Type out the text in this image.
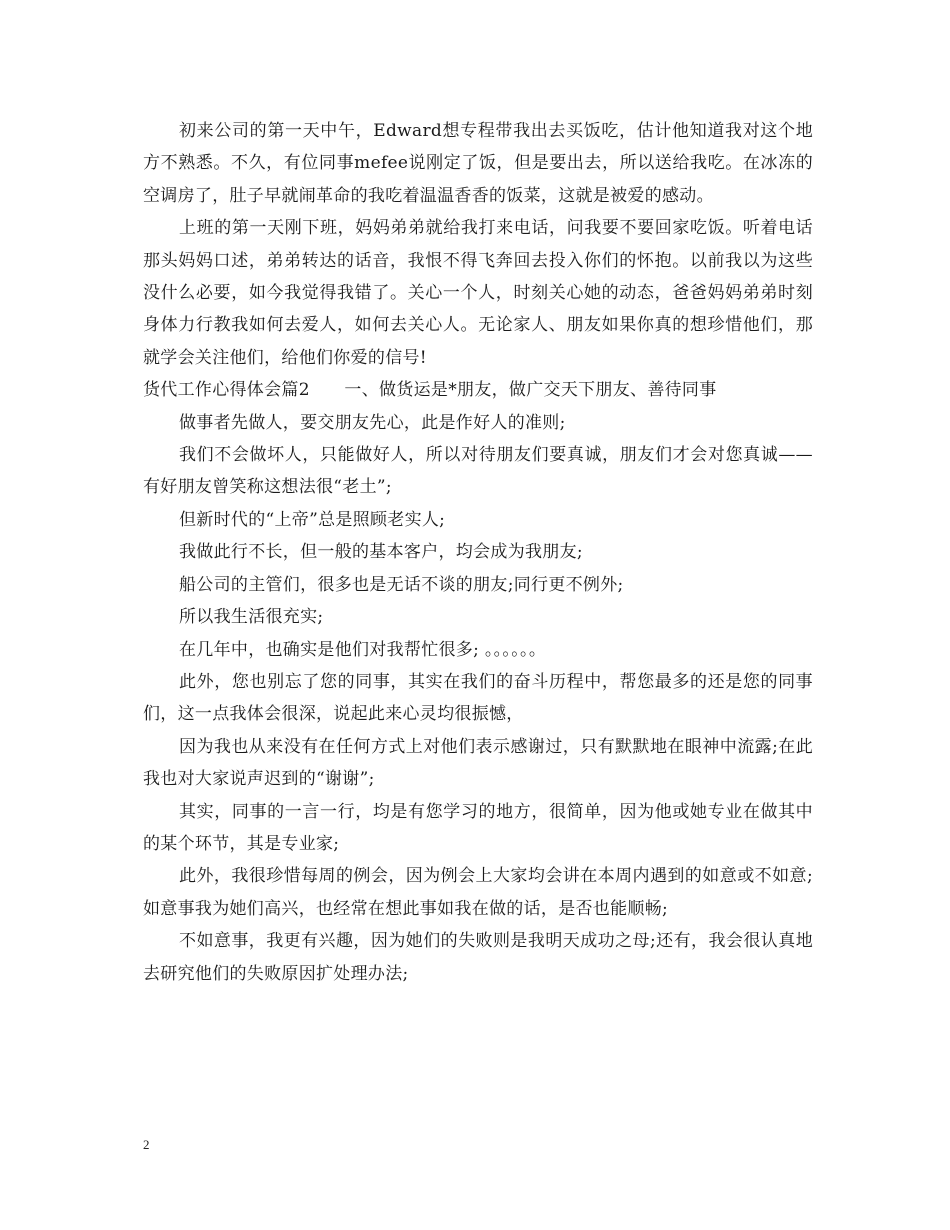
初来公司的第一天中午，Edward想专程带我出去买饭吃，估计他知道我对这个地方不熟悉。不久，有位同事mefee说刚定了饭，但是要出去，所以送给我吃。在冰冻的空调房了，肚子早就闹革命的我吃着温温香香的饭菜，这就是被爱的感动。

上班的第一天刚下班，妈妈弟弟就给我打来电话，问我要不要回家吃饭。听着电话那头妈妈口述，弟弟转达的话音，我恨不得飞奔回去投入你们的怀抱。以前我以为这些没什么必要，如今我觉得我错了。关心一个人，时刻关心她的动态，爸爸妈妈弟弟时刻身体力行教我如何去爱人，如何去关心人。无论家人、朋友如果你真的想珍惜他们，那就学会关注他们，给他们你爱的信号!

货代工作心得体会篇2　　一、做货运是*朋友，做广交天下朋友、善待同事

做事者先做人，要交朋友先心，此是作好人的准则;

我们不会做坏人，只能做好人，所以对待朋友们要真诚，朋友们才会对您真诚——有好朋友曾笑称这想法很“老土”;

但新时代的“上帝”总是照顾老实人;

我做此行不长，但一般的基本客户，均会成为我朋友;

船公司的主管们，很多也是无话不谈的朋友;同行更不例外;

所以我生活很充实;

在几年中，也确实是他们对我帮忙很多; 。。。。。。

此外，您也别忘了您的同事，其实在我们的奋斗历程中，帮您最多的还是您的同事们，这一点我体会很深，说起此来心灵均很振憾，

因为我也从来没有在任何方式上对他们表示感谢过，只有默默地在眼神中流露;在此我也对大家说声迟到的“谢谢”;

其实，同事的一言一行，均是有您学习的地方，很简单，因为他或她专业在做其中的某个环节，其是专业家;

此外，我很珍惜每周的例会，因为例会上大家均会讲在本周内遇到的如意或不如意;如意事我为她们高兴，也经常在想此事如我在做的话，是否也能顺畅;

不如意事，我更有兴趣，因为她们的失败则是我明天成功之母;还有，我会很认真地去研究他们的失败原因扩处理办法;

2
